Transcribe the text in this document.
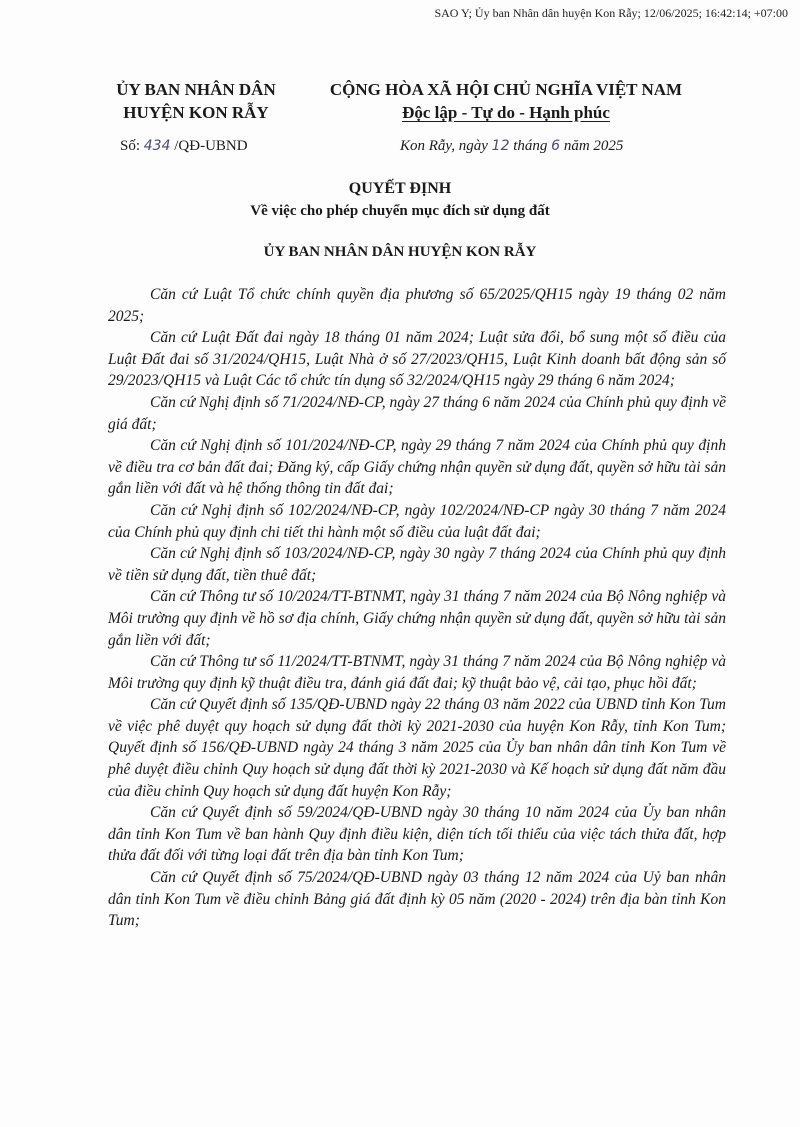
SAO Y; Ủy ban Nhân dân huyện Kon Rẫy; 12/06/2025; 16:42:14; +07:00
ỦY BAN NHÂN DÂN
HUYỆN KON RẪY
CỘNG HÒA XÃ HỘI CHỦ NGHĨA VIỆT NAM
Độc lập - Tự do - Hạnh phúc
Số: 434 /QĐ-UBND	Kon Rẫy, ngày 12 tháng 6 năm 2025
QUYẾT ĐỊNH
Về việc cho phép chuyển mục đích sử dụng đất
ỦY BAN NHÂN DÂN HUYỆN KON RẪY

Căn cứ Luật Tổ chức chính quyền địa phương số 65/2025/QH15 ngày 19 tháng 02 năm 2025;

Căn cứ Luật Đất đai ngày 18 tháng 01 năm 2024; Luật sửa đổi, bổ sung một số điều của Luật Đất đai số 31/2024/QH15, Luật Nhà ở số 27/2023/QH15, Luật Kinh doanh bất động sản số 29/2023/QH15 và Luật Các tổ chức tín dụng số 32/2024/QH15 ngày 29 tháng 6 năm 2024;

Căn cứ Nghị định số 71/2024/NĐ-CP, ngày 27 tháng 6 năm 2024 của Chính phủ quy định về giá đất;

Căn cứ Nghị định số 101/2024/NĐ-CP, ngày 29 tháng 7 năm 2024 của Chính phủ quy định về điều tra cơ bản đất đai; Đăng ký, cấp Giấy chứng nhận quyền sử dụng đất, quyền sở hữu tài sản gắn liền với đất và hệ thống thông tin đất đai;

Căn cứ Nghị định số 102/2024/NĐ-CP, ngày 102/2024/NĐ-CP ngày 30 tháng 7 năm 2024 của Chính phủ quy định chi tiết thi hành một số điều của luật đất đai;

Căn cứ Nghị định số 103/2024/NĐ-CP, ngày 30 ngày 7 tháng 2024 của Chính phủ quy định về tiền sử dụng đất, tiền thuê đất;

Căn cứ Thông tư số 10/2024/TT-BTNMT, ngày 31 tháng 7 năm 2024 của Bộ Nông nghiệp và Môi trường quy định về hồ sơ địa chính, Giấy chứng nhận quyền sử dụng đất, quyền sở hữu tài sản gắn liền với đất;

Căn cứ Thông tư số 11/2024/TT-BTNMT, ngày 31 tháng 7 năm 2024 của Bộ Nông nghiệp và Môi trường quy định kỹ thuật điều tra, đánh giá đất đai; kỹ thuật bảo vệ, cải tạo, phục hồi đất;

Căn cứ Quyết định số 135/QĐ-UBND ngày 22 tháng 03 năm 2022 của UBND tỉnh Kon Tum về việc phê duyệt quy hoạch sử dụng đất thời kỳ 2021-2030 của huyện Kon Rẫy, tỉnh Kon Tum; Quyết định số 156/QĐ-UBND ngày 24 tháng 3 năm 2025 của Ủy ban nhân dân tỉnh Kon Tum về phê duyệt điều chỉnh Quy hoạch sử dụng đất thời kỳ 2021-2030 và Kế hoạch sử dụng đất năm đầu của điều chỉnh Quy hoạch sử dụng đất huyện Kon Rẫy;

Căn cứ Quyết định số 59/2024/QĐ-UBND ngày 30 tháng 10 năm 2024 của Ủy ban nhân dân tỉnh Kon Tum về ban hành Quy định điều kiện, diện tích tối thiểu của việc tách thửa đất, hợp thửa đất đối với từng loại đất trên địa bàn tỉnh Kon Tum;

Căn cứ Quyết định số 75/2024/QĐ-UBND ngày 03 tháng 12 năm 2024 của Uỷ ban nhân dân tỉnh Kon Tum về điều chỉnh Bảng giá đất định kỳ 05 năm (2020 - 2024) trên địa bàn tỉnh Kon Tum;
